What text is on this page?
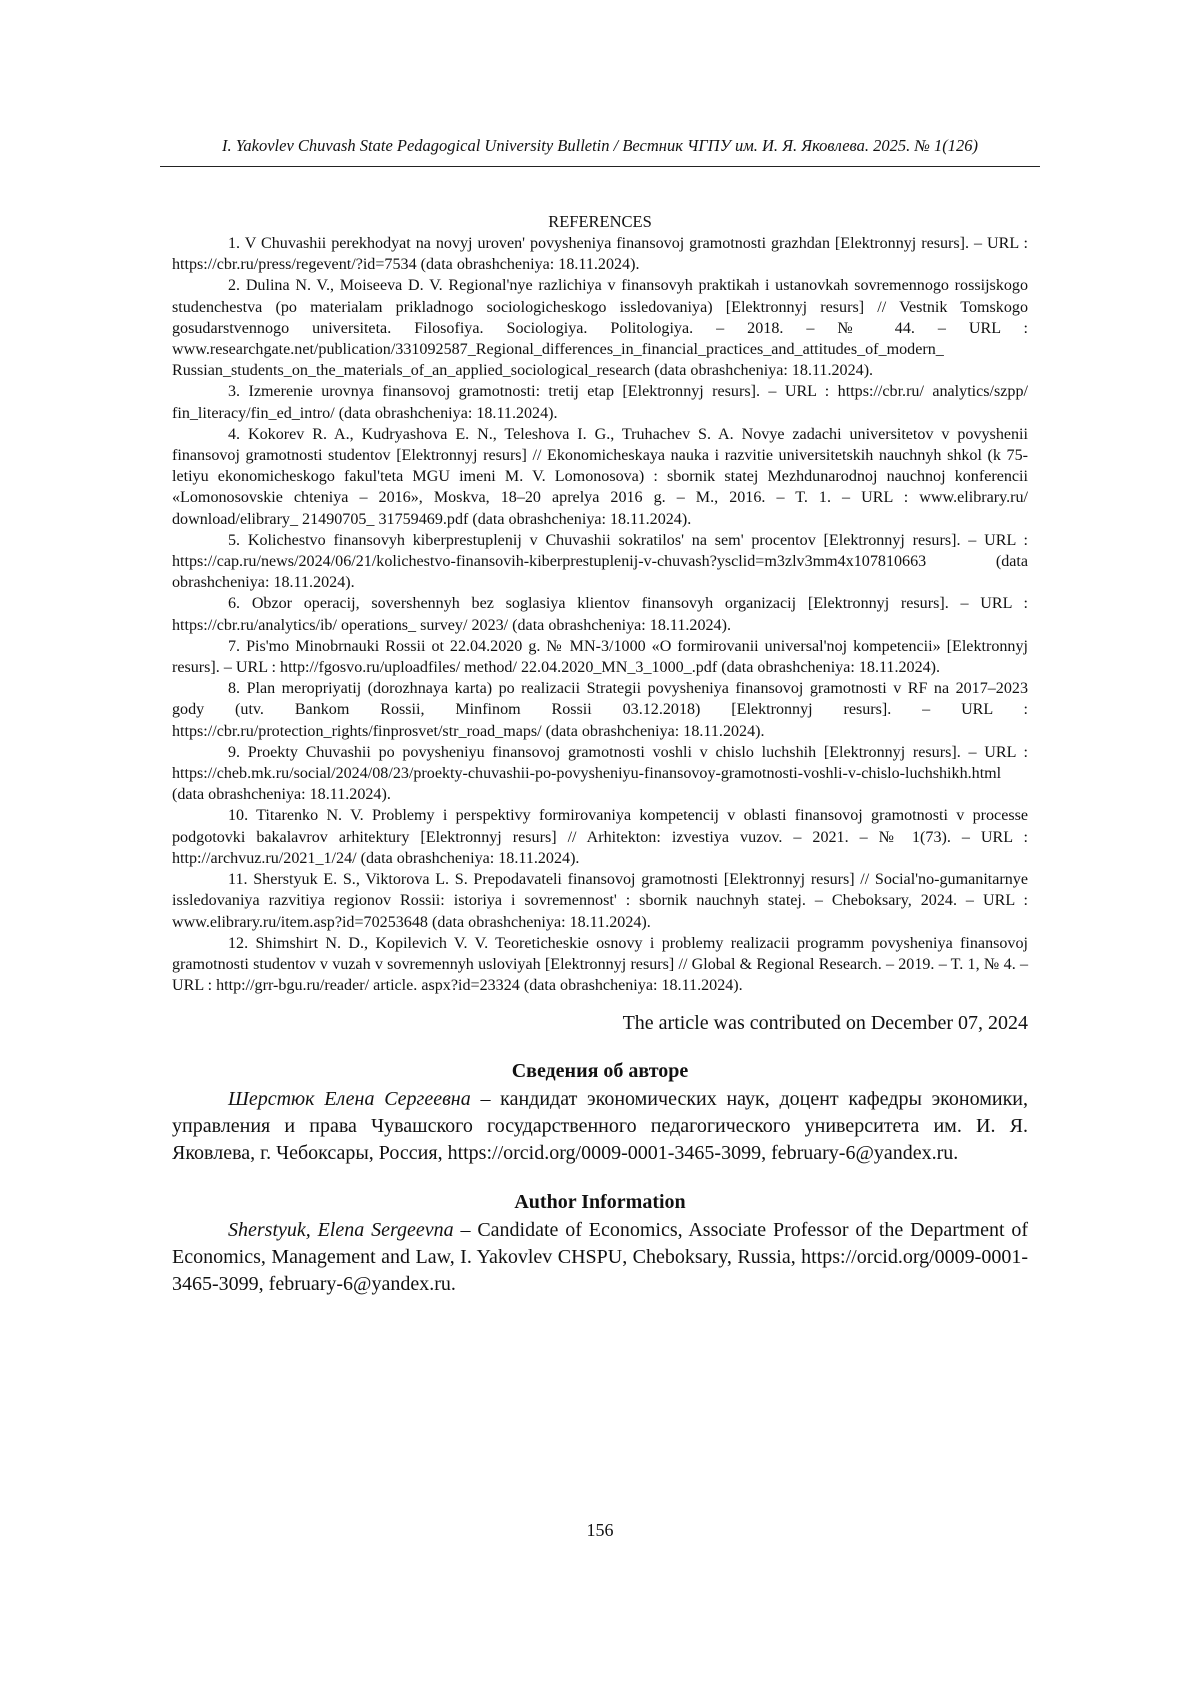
I. Yakovlev Chuvash State Pedagogical University Bulletin / Вестник ЧГПУ им. И. Я. Яковлева. 2025. № 1(126)
REFERENCES
1. V Chuvashii perekhodyat na novyj uroven' povysheniya finansovoj gramotnosti grazhdan [Elektronnyj resurs]. – URL : https://cbr.ru/press/regevent/?id=7534 (data obrashcheniya: 18.11.2024).
2. Dulina N. V., Moiseeva D. V. Regional'nye razlichiya v finansovyh praktikah i ustanovkah sovremennogo rossijskogo studenchestva (po materialam prikladnogo sociologicheskogo issledovaniya) [Elektronnyj resurs] // Vestnik Tomskogo gosudarstvennogo universiteta. Filosofiya. Sociologiya. Politologiya. – 2018. – № 44. – URL : www.researchgate.net/publication/331092587_Regional_differences_in_financial_practices_and_attitudes_of_modern_ Russian_students_on_the_materials_of_an_applied_sociological_research (data obrashcheniya: 18.11.2024).
3. Izmerenie urovnya finansovoj gramotnosti: tretij etap [Elektronnyj resurs]. – URL : https://cbr.ru/ analytics/szpp/ fin_literacy/fin_ed_intro/ (data obrashcheniya: 18.11.2024).
4. Kokorev R. A., Kudryashova E. N., Teleshova I. G., Truhachev S. A. Novye zadachi universitetov v povyshenii finansovoj gramotnosti studentov [Elektronnyj resurs] // Ekonomicheskaya nauka i razvitie universitetskih nauchnyh shkol (k 75-letiyu ekonomicheskogo fakul'teta MGU imeni M. V. Lomonosova) : sbornik statej Mezhdunarodnoj nauchnoj konferencii «Lomonosovskie chteniya – 2016», Moskva, 18–20 aprelya 2016 g. – M., 2016. – T. 1. – URL : www.elibrary.ru/ download/elibrary_ 21490705_ 31759469.pdf (data obrashcheniya: 18.11.2024).
5. Kolichestvo finansovyh kiberprestuplenij v Chuvashii sokratilos' na sem' procentov [Elektronnyj resurs]. – URL : https://cap.ru/news/2024/06/21/kolichestvo-finansovih-kiberprestuplenij-v-chuvash?ysclid=m3zlv3mm4x107810663 (data obrashcheniya: 18.11.2024).
6. Obzor operacij, sovershennyh bez soglasiya klientov finansovyh organizacij [Elektronnyj resurs]. – URL : https://cbr.ru/analytics/ib/ operations_ survey/ 2023/ (data obrashcheniya: 18.11.2024).
7. Pis'mo Minobrnauki Rossii ot 22.04.2020 g. № MN-3/1000 «O formirovanii universal'noj kompetencii» [Elektronnyj resurs]. – URL : http://fgosvo.ru/uploadfiles/ method/ 22.04.2020_MN_3_1000_.pdf (data obrashcheniya: 18.11.2024).
8. Plan meropriyatij (dorozhnaya karta) po realizacii Strategii povysheniya finansovoj gramotnosti v RF na 2017–2023 gody (utv. Bankom Rossii, Minfinom Rossii 03.12.2018) [Elektronnyj resurs]. – URL : https://cbr.ru/protection_rights/finprosvet/str_road_maps/ (data obrashcheniya: 18.11.2024).
9. Proekty Chuvashii po povysheniyu finansovoj gramotnosti voshli v chislo luchshih [Elektronnyj resurs]. – URL : https://cheb.mk.ru/social/2024/08/23/proekty-chuvashii-po-povysheniyu-finansovoy-gramotnosti-voshli-v-chislo-luchshikh.html (data obrashcheniya: 18.11.2024).
10. Titarenko N. V. Problemy i perspektivy formirovaniya kompetencij v oblasti finansovoj gramotnosti v processe podgotovki bakalavrov arhitektury [Elektronnyj resurs] // Arhitekton: izvestiya vuzov. – 2021. – № 1(73). – URL : http://archvuz.ru/2021_1/24/ (data obrashcheniya: 18.11.2024).
11. Sherstyuk E. S., Viktorova L. S. Prepodavateli finansovoj gramotnosti [Elektronnyj resurs] // Social'no-gumanitarnye issledovaniya razvitiya regionov Rossii: istoriya i sovremennost' : sbornik nauchnyh statej. – Cheboksary, 2024. – URL : www.elibrary.ru/item.asp?id=70253648 (data obrashcheniya: 18.11.2024).
12. Shimshirt N. D., Kopilevich V. V. Teoreticheskie osnovy i problemy realizacii programm povysheniya finansovoj gramotnosti studentov v vuzah v sovremennyh usloviyah [Elektronnyj resurs] // Global & Regional Research. – 2019. – T. 1, № 4. – URL : http://grr-bgu.ru/reader/ article. aspx?id=23324 (data obrashcheniya: 18.11.2024).

The article was contributed on December 07, 2024

Сведения об авторе

Шерстюк Елена Сергеевна – кандидат экономических наук, доцент кафедры экономики, управления и права Чувашского государственного педагогического университета им. И. Я. Яковлева, г. Чебоксары, Россия, https://orcid.org/0009-0001-3465-3099, february-6@yandex.ru.

Author Information

Sherstyuk, Elena Sergeevna – Candidate of Economics, Associate Professor of the Department of Economics, Management and Law, I. Yakovlev CHSPU, Cheboksary, Russia, https://orcid.org/0009-0001-3465-3099, february-6@yandex.ru.

156
